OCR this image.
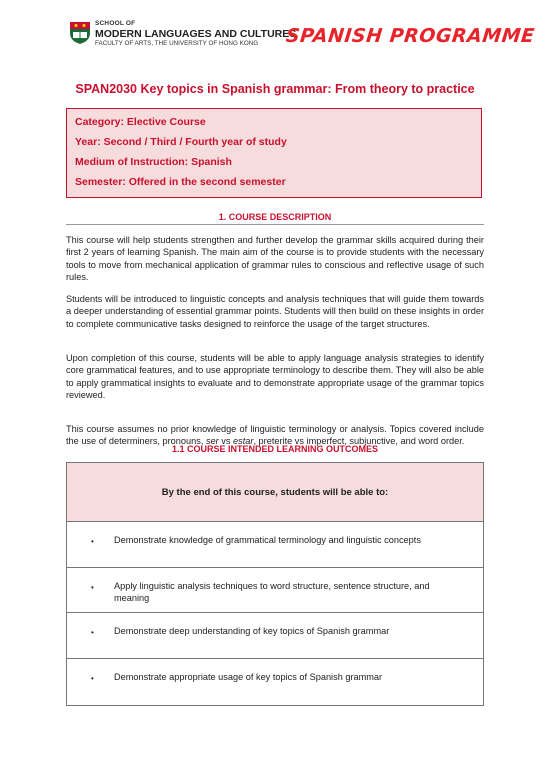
SCHOOL OF
MODERN LANGUAGES AND CULTURES
FACULTY OF ARTS, THE UNIVERSITY OF HONG KONG	SPANISH PROGRAMME
SPAN2030 Key topics in Spanish grammar: From theory to practice
Category: Elective Course
Year: Second / Third / Fourth year of study
Medium of Instruction: Spanish
Semester: Offered in the second semester
1. COURSE DESCRIPTION
This course will help students strengthen and further develop the grammar skills acquired during their first 2 years of learning Spanish. The main aim of the course is to provide students with the necessary tools to move from mechanical application of grammar rules to conscious and reflective usage of such rules.
Students will be introduced to linguistic concepts and analysis techniques that will guide them towards a deeper understanding of essential grammar points. Students will then build on these insights in order to complete communicative tasks designed to reinforce the usage of the target structures.
Upon completion of this course, students will be able to apply language analysis strategies to identify core grammatical features, and to use appropriate terminology to describe them. They will also be able to apply grammatical insights to evaluate and to demonstrate appropriate usage of the grammar topics reviewed.
This course assumes no prior knowledge of linguistic terminology or analysis. Topics covered include the use of determiners, pronouns, ser vs estar, preterite vs imperfect, subjunctive, and word order.
1.1 COURSE INTENDED LEARNING OUTCOMES
By the end of this course, students will be able to:
• Demonstrate knowledge of grammatical terminology and linguistic concepts
• Apply linguistic analysis techniques to word structure, sentence structure, and meaning
• Demonstrate deep understanding of key topics of Spanish grammar
• Demonstrate appropriate usage of key topics of Spanish grammar
